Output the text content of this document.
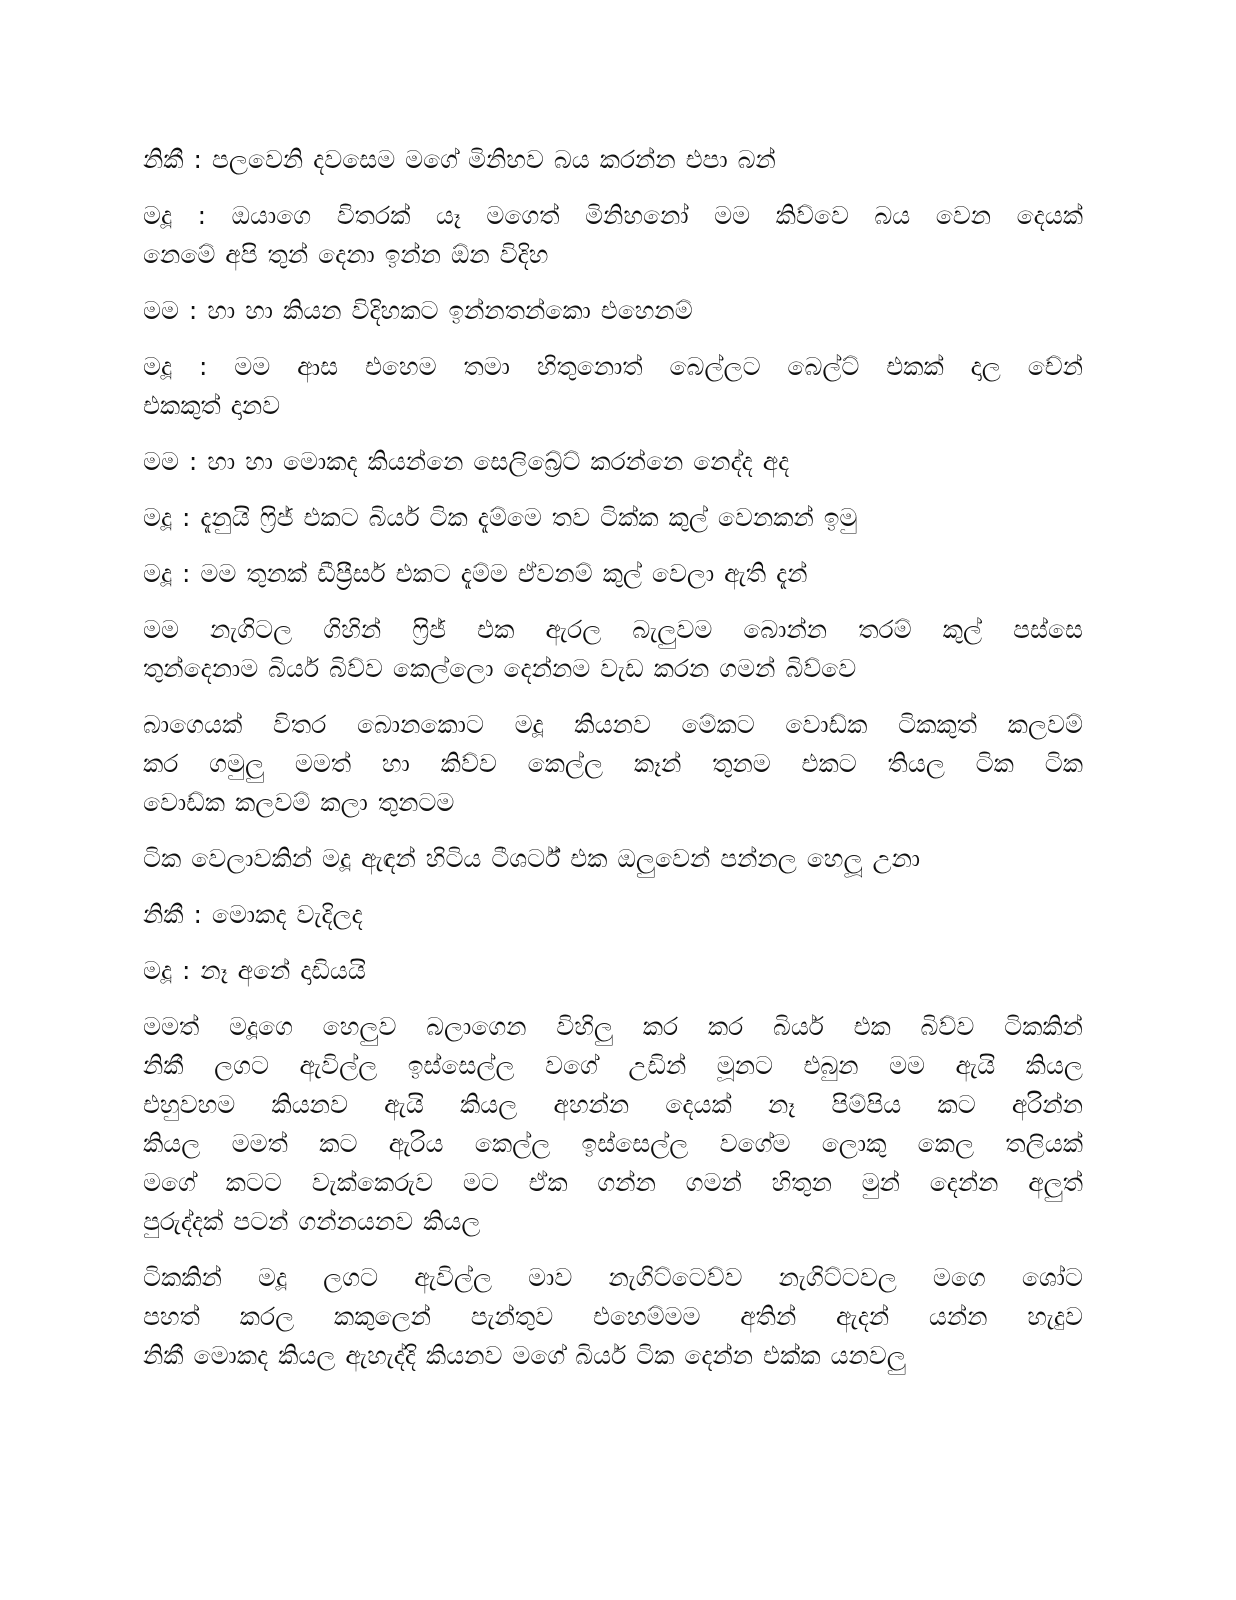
නිකී : පලවෙනි දවසෙම මගේ මිනිහව බය කරන්න එපා බන්
මදූ : ඔයාගෙ විතරක් යෑ මගෙත් මිනිහනෝ මම කිව්වෙ බය වෙන දෙයක්
නෙමේ අපි තුන් දෙනා ඉන්න ඕන විදිහ
මම : හා හා කියන විදිහකට ඉන්නතන්කො එහෙනම්
මදූ : මම ආස එහෙම තමා හිතුනොත් බෙල්ලට බෙල්ට් එකක් දාල චේන්
එකකුත් දානව
මම : හා හා මොකද කියන්නෙ සෙලිබ්‍රේට් කරන්නෙ නෙද්ද අද
මදූ : දැනුයි ෆ්‍රිජ් එකට බියර් ටික දැම්මෙ තව ටික්ක කුල් වෙනකන් ඉමු
මදූ : මම තුනක් ඩීප්‍රීසර් එකට දැම්ම ඒවනම් කුල් වෙලා ඇති දැන්
මම නැගිටල ගිහින් ෆ්‍රිජ් එක ඇරල බැලුවම බොන්න තරම් කුල් පස්සෙ
තුන්දෙනාම බියර් බිව්ව කෙල්ලො දෙන්නම වැඩ කරන ගමන් බිව්වෙ
බාගෙයක් විතර බොනකොට මදූ කියනව මේකට වොඩ්ක ටිකකුත් කලවම්
කර ගමුලු මමත් හා කිව්ව කෙල්ල කෑන් තුනම එකට තියල ටික ටික
වොඩ්ක කලවම් කලා තුනටම
ටික වෙලාවකින් මදූ ඇඳන් හිටිය ටීශර්ට් එක ඔලුවෙන් පන්නල හෙලූ උනා
නිකී : මොකද වැදිලද
මදූ : නෑ අනේ දාඩියයි
මමත් මදූගෙ හෙලුව බලාගෙන විහිලු කර කර බියර් එක බිව්ව ටිකකින්
නිකී ලගට ඇවිල්ල ඉස්සෙල්ල වගේ උඩින් මූනට එබුන මම ඇයි කියල
එහුවහම කියනව ඇයි කියල අහන්න දෙයක් නෑ පිම්පිය කට අරින්න
කියල මමත් කට ඇරිය කෙල්ල ඉස්සෙල්ල වගේම ලොකු කෙල තලියක්
මගේ කටට වැක්කෙරුව මට ඒක ගන්න ගමන් හිතුන මුන් දෙන්න අලුත්
පුරුද්දක් පටන් ගන්නයනව කියල
ටිකකින් මදූ ලගට ඇවිල්ල මාව නැගිට්ටෙව්ව නැගිට්ටවල මගෙ ශෝට
පහත් කරල කකුලෙන් පැන්තුව එහෙම්මම අතින් ඇදන් යන්න හැදුව
නිකී මොකද කියල ඇහැද්දි කියනව මගේ බියර් ටික දෙන්න එක්ක යනවලු
